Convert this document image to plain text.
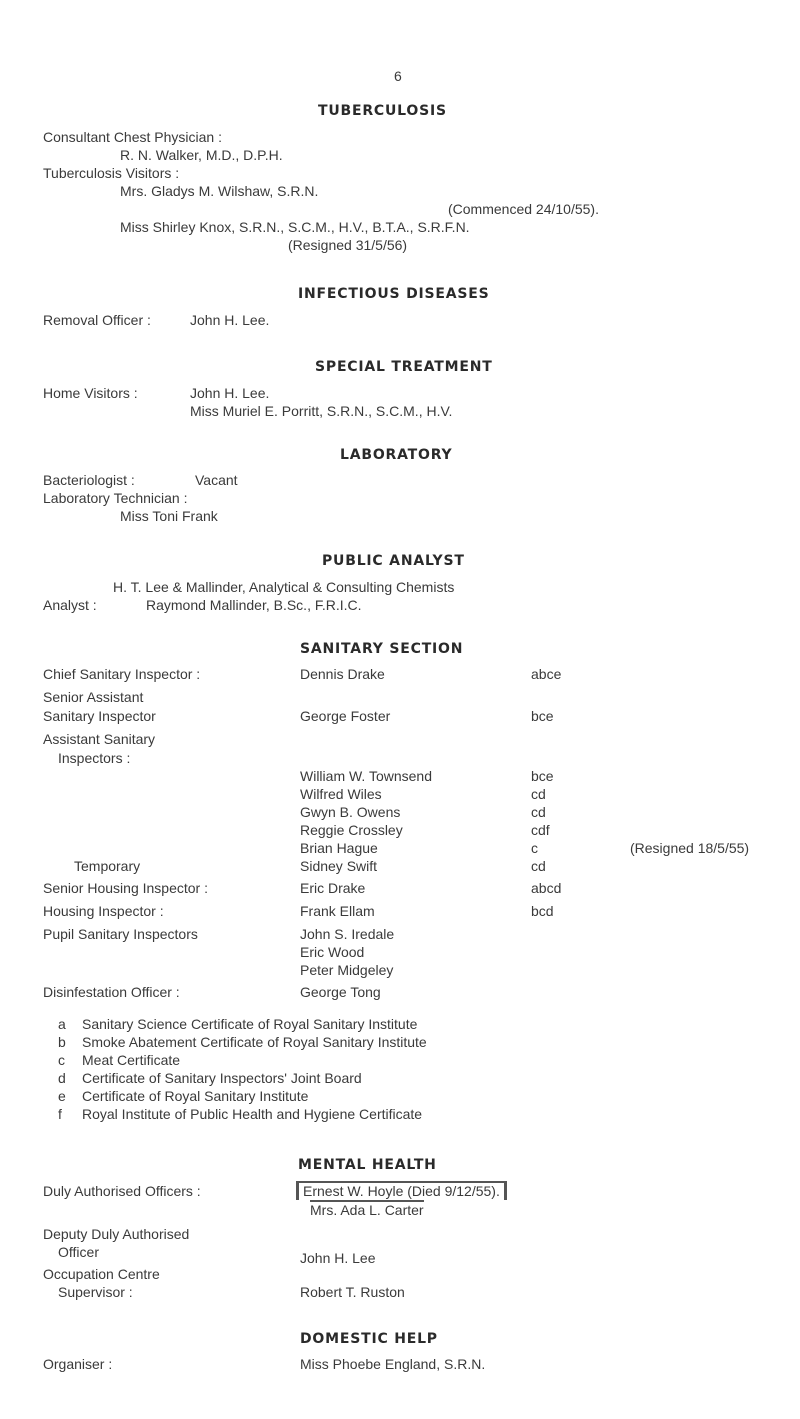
6
TUBERCULOSIS
Consultant Chest Physician :
R. N. Walker, M.D., D.P.H.
Tuberculosis Visitors :
Mrs. Gladys M. Wilshaw, S.R.N.
(Commenced 24/10/55).
Miss Shirley Knox, S.R.N., S.C.M., H.V., B.T.A., S.R.F.N.
(Resigned 31/5/56)
INFECTIOUS DISEASES
Removal Officer :	John H. Lee.
SPECIAL TREATMENT
Home Visitors :	John H. Lee.
Miss Muriel E. Porritt, S.R.N., S.C.M., H.V.
LABORATORY
Bacteriologist :	Vacant
Laboratory Technician :
Miss Toni Frank
PUBLIC ANALYST
H. T. Lee & Mallinder, Analytical & Consulting Chemists
Analyst :	Raymond Mallinder, B.Sc., F.R.I.C.
SANITARY SECTION
Chief Sanitary Inspector :	Dennis Drake	abce
Senior Assistant
Sanitary Inspector	George Foster	bce
Assistant Sanitary
Inspectors :
William W. Townsend	bce
Wilfred Wiles	cd
Gwyn B. Owens	cd
Reggie Crossley	cdf
Brian Hague	c	(Resigned 18/5/55)
Temporary	Sidney Swift	cd
Senior Housing Inspector :	Eric Drake	abcd
Housing Inspector :	Frank Ellam	bcd
Pupil Sanitary Inspectors	John S. Iredale
Eric Wood
Peter Midgeley
Disinfestation Officer :	George Tong
a Sanitary Science Certificate of Royal Sanitary Institute
b Smoke Abatement Certificate of Royal Sanitary Institute
c Meat Certificate
d Certificate of Sanitary Inspectors' Joint Board
e Certificate of Royal Sanitary Institute
f Royal Institute of Public Health and Hygiene Certificate
MENTAL HEALTH
Duly Authorised Officers :	Ernest W. Hoyle (Died 9/12/55).
Mrs. Ada L. Carter
Deputy Duly Authorised
Officer	John H. Lee
Occupation Centre
Supervisor :	Robert T. Ruston
DOMESTIC HELP
Organiser :	Miss Phoebe England, S.R.N.
